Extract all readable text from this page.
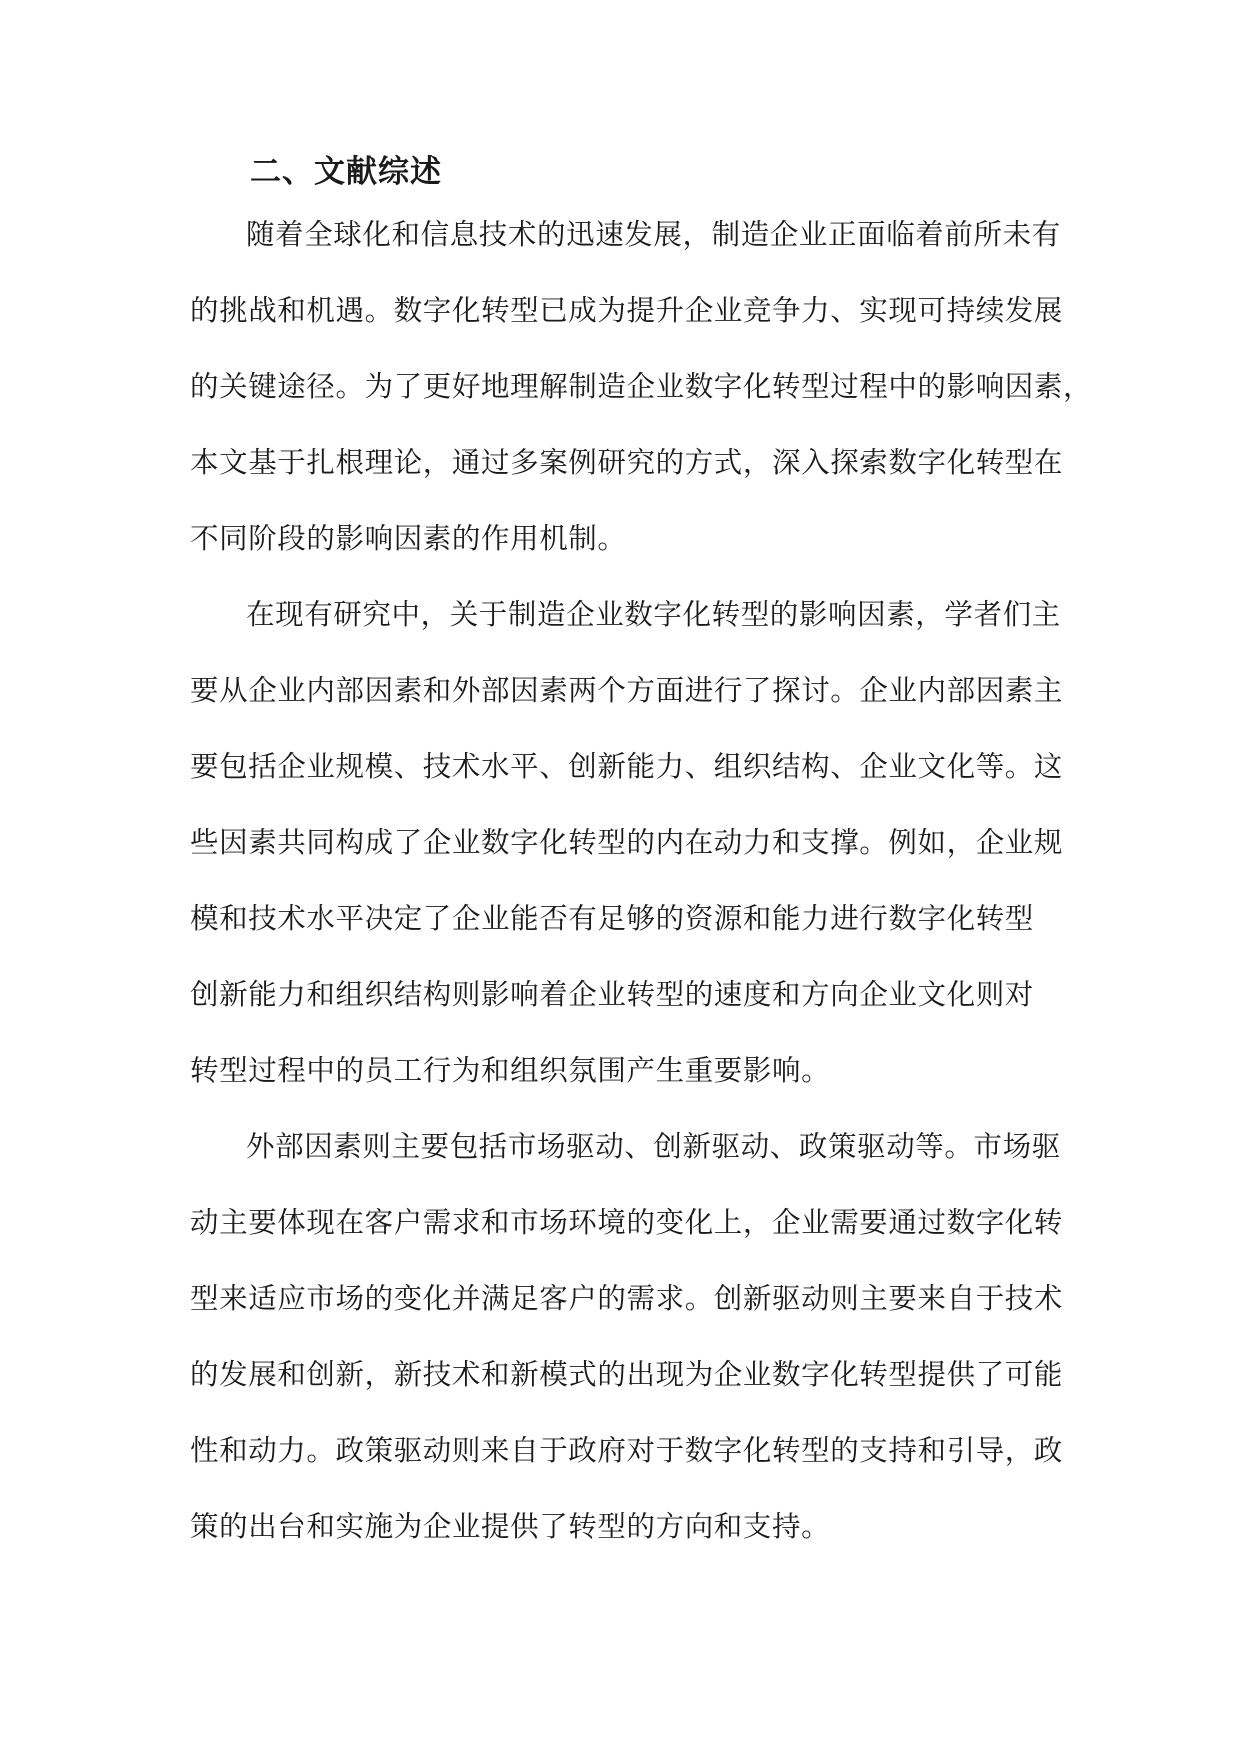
二、文献综述

随着全球化和信息技术的迅速发展，制造企业正面临着前所未有

的挑战和机遇。数字化转型已成为提升企业竞争力、实现可持续发展

的关键途径。为了更好地理解制造企业数字化转型过程中的影响因素，

本文基于扎根理论，通过多案例研究的方式，深入探索数字化转型在

不同阶段的影响因素的作用机制。

在现有研究中，关于制造企业数字化转型的影响因素，学者们主

要从企业内部因素和外部因素两个方面进行了探讨。企业内部因素主

要包括企业规模、技术水平、创新能力、组织结构、企业文化等。这

些因素共同构成了企业数字化转型的内在动力和支撑。例如，企业规

模和技术水平决定了企业能否有足够的资源和能力进行数字化转型

创新能力和组织结构则影响着企业转型的速度和方向企业文化则对

转型过程中的员工行为和组织氛围产生重要影响。

外部因素则主要包括市场驱动、创新驱动、政策驱动等。市场驱

动主要体现在客户需求和市场环境的变化上，企业需要通过数字化转

型来适应市场的变化并满足客户的需求。创新驱动则主要来自于技术

的发展和创新，新技术和新模式的出现为企业数字化转型提供了可能

性和动力。政策驱动则来自于政府对于数字化转型的支持和引导，政

策的出台和实施为企业提供了转型的方向和支持。
